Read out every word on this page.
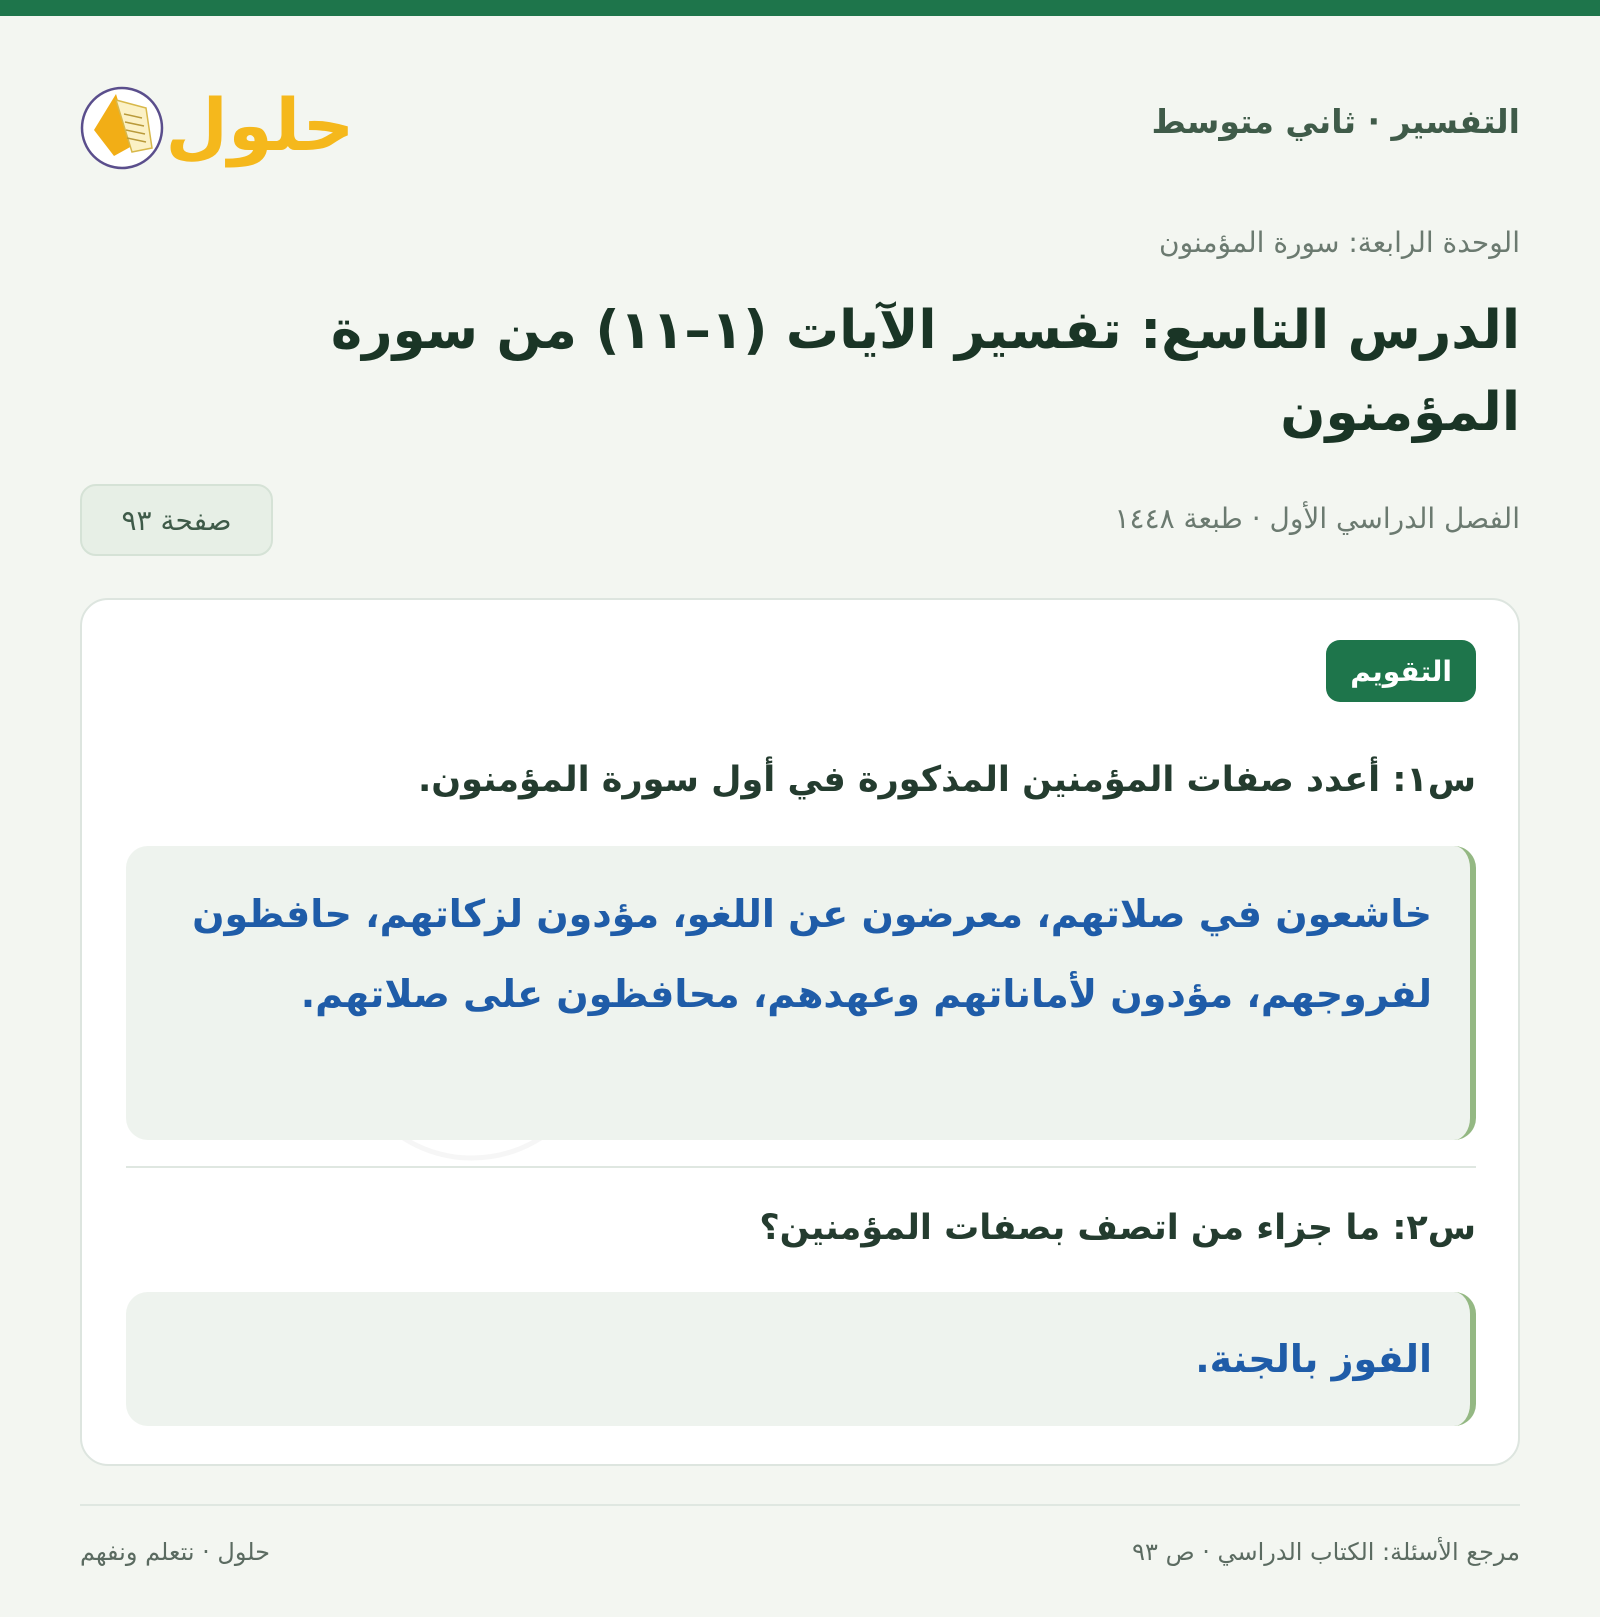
التفسير · ثاني متوسط
حلول
الوحدة الرابعة: سورة المؤمنون
الدرس التاسع: تفسير الآيات (١–١١) من سورة المؤمنون
الفصل الدراسي الأول · طبعة ١٤٤٨
صفحة ٩٣
التقويم
س١: أعدد صفات المؤمنين المذكورة في أول سورة المؤمنون.
خاشعون في صلاتهم، معرضون عن اللغو، مؤدون لزكاتهم، حافظون لفروجهم، مؤدون لأماناتهم وعهدهم، محافظون على صلاتهم.
س٢: ما جزاء من اتصف بصفات المؤمنين؟
الفوز بالجنة.
مرجع الأسئلة: الكتاب الدراسي · ص ٩٣
حلول · نتعلم ونفهم
